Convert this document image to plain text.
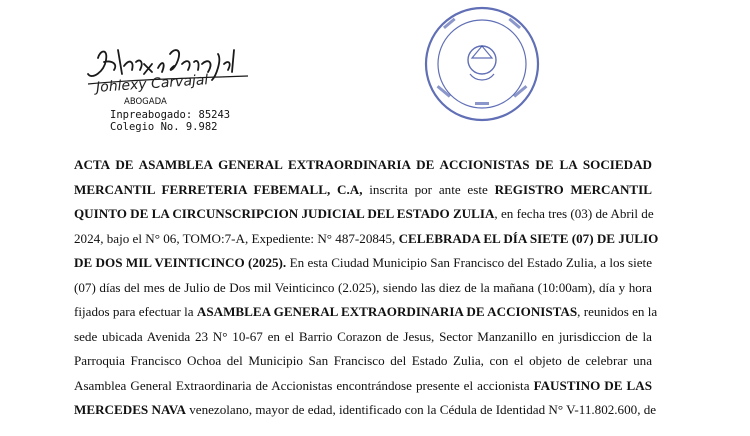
Johlexy Carvajal
ABOGADA
Inpreabogado: 85243
Colegio No. 9.982
ACTA DE ASAMBLEA GENERAL EXTRAORDINARIA DE ACCIONISTAS DE LA SOCIEDAD
MERCANTIL FERRETERIA FEBEMALL, C.A, inscrita por ante este REGISTRO MERCANTIL
QUINTO DE LA CIRCUNSCRIPCION JUDICIAL DEL ESTADO ZULIA, en fecha tres (03) de Abril de
2024, bajo el N° 06, TOMO:7-A, Expediente: N° 487-20845, CELEBRADA EL DÍA SIETE (07) DE JULIO
DE DOS MIL VEINTICINCO (2025). En esta Ciudad Municipio San Francisco del Estado Zulia, a los siete
(07) días del mes de Julio de Dos mil Veinticinco (2.025), siendo las diez de la mañana (10:00am), día y hora
fijados para efectuar la ASAMBLEA GENERAL EXTRAORDINARIA DE ACCIONISTAS, reunidos en la
sede ubicada Avenida 23 N° 10-67 en el Barrio Corazon de Jesus, Sector Manzanillo en jurisdiccion de la
Parroquia Francisco Ochoa del Municipio San Francisco del Estado Zulia, con el objeto de celebrar una
Asamblea General Extraordinaria de Accionistas encontrándose presente el accionista FAUSTINO DE LAS
MERCEDES NAVA venezolano, mayor de edad, identificado con la Cédula de Identidad N° V-11.802.600, de
